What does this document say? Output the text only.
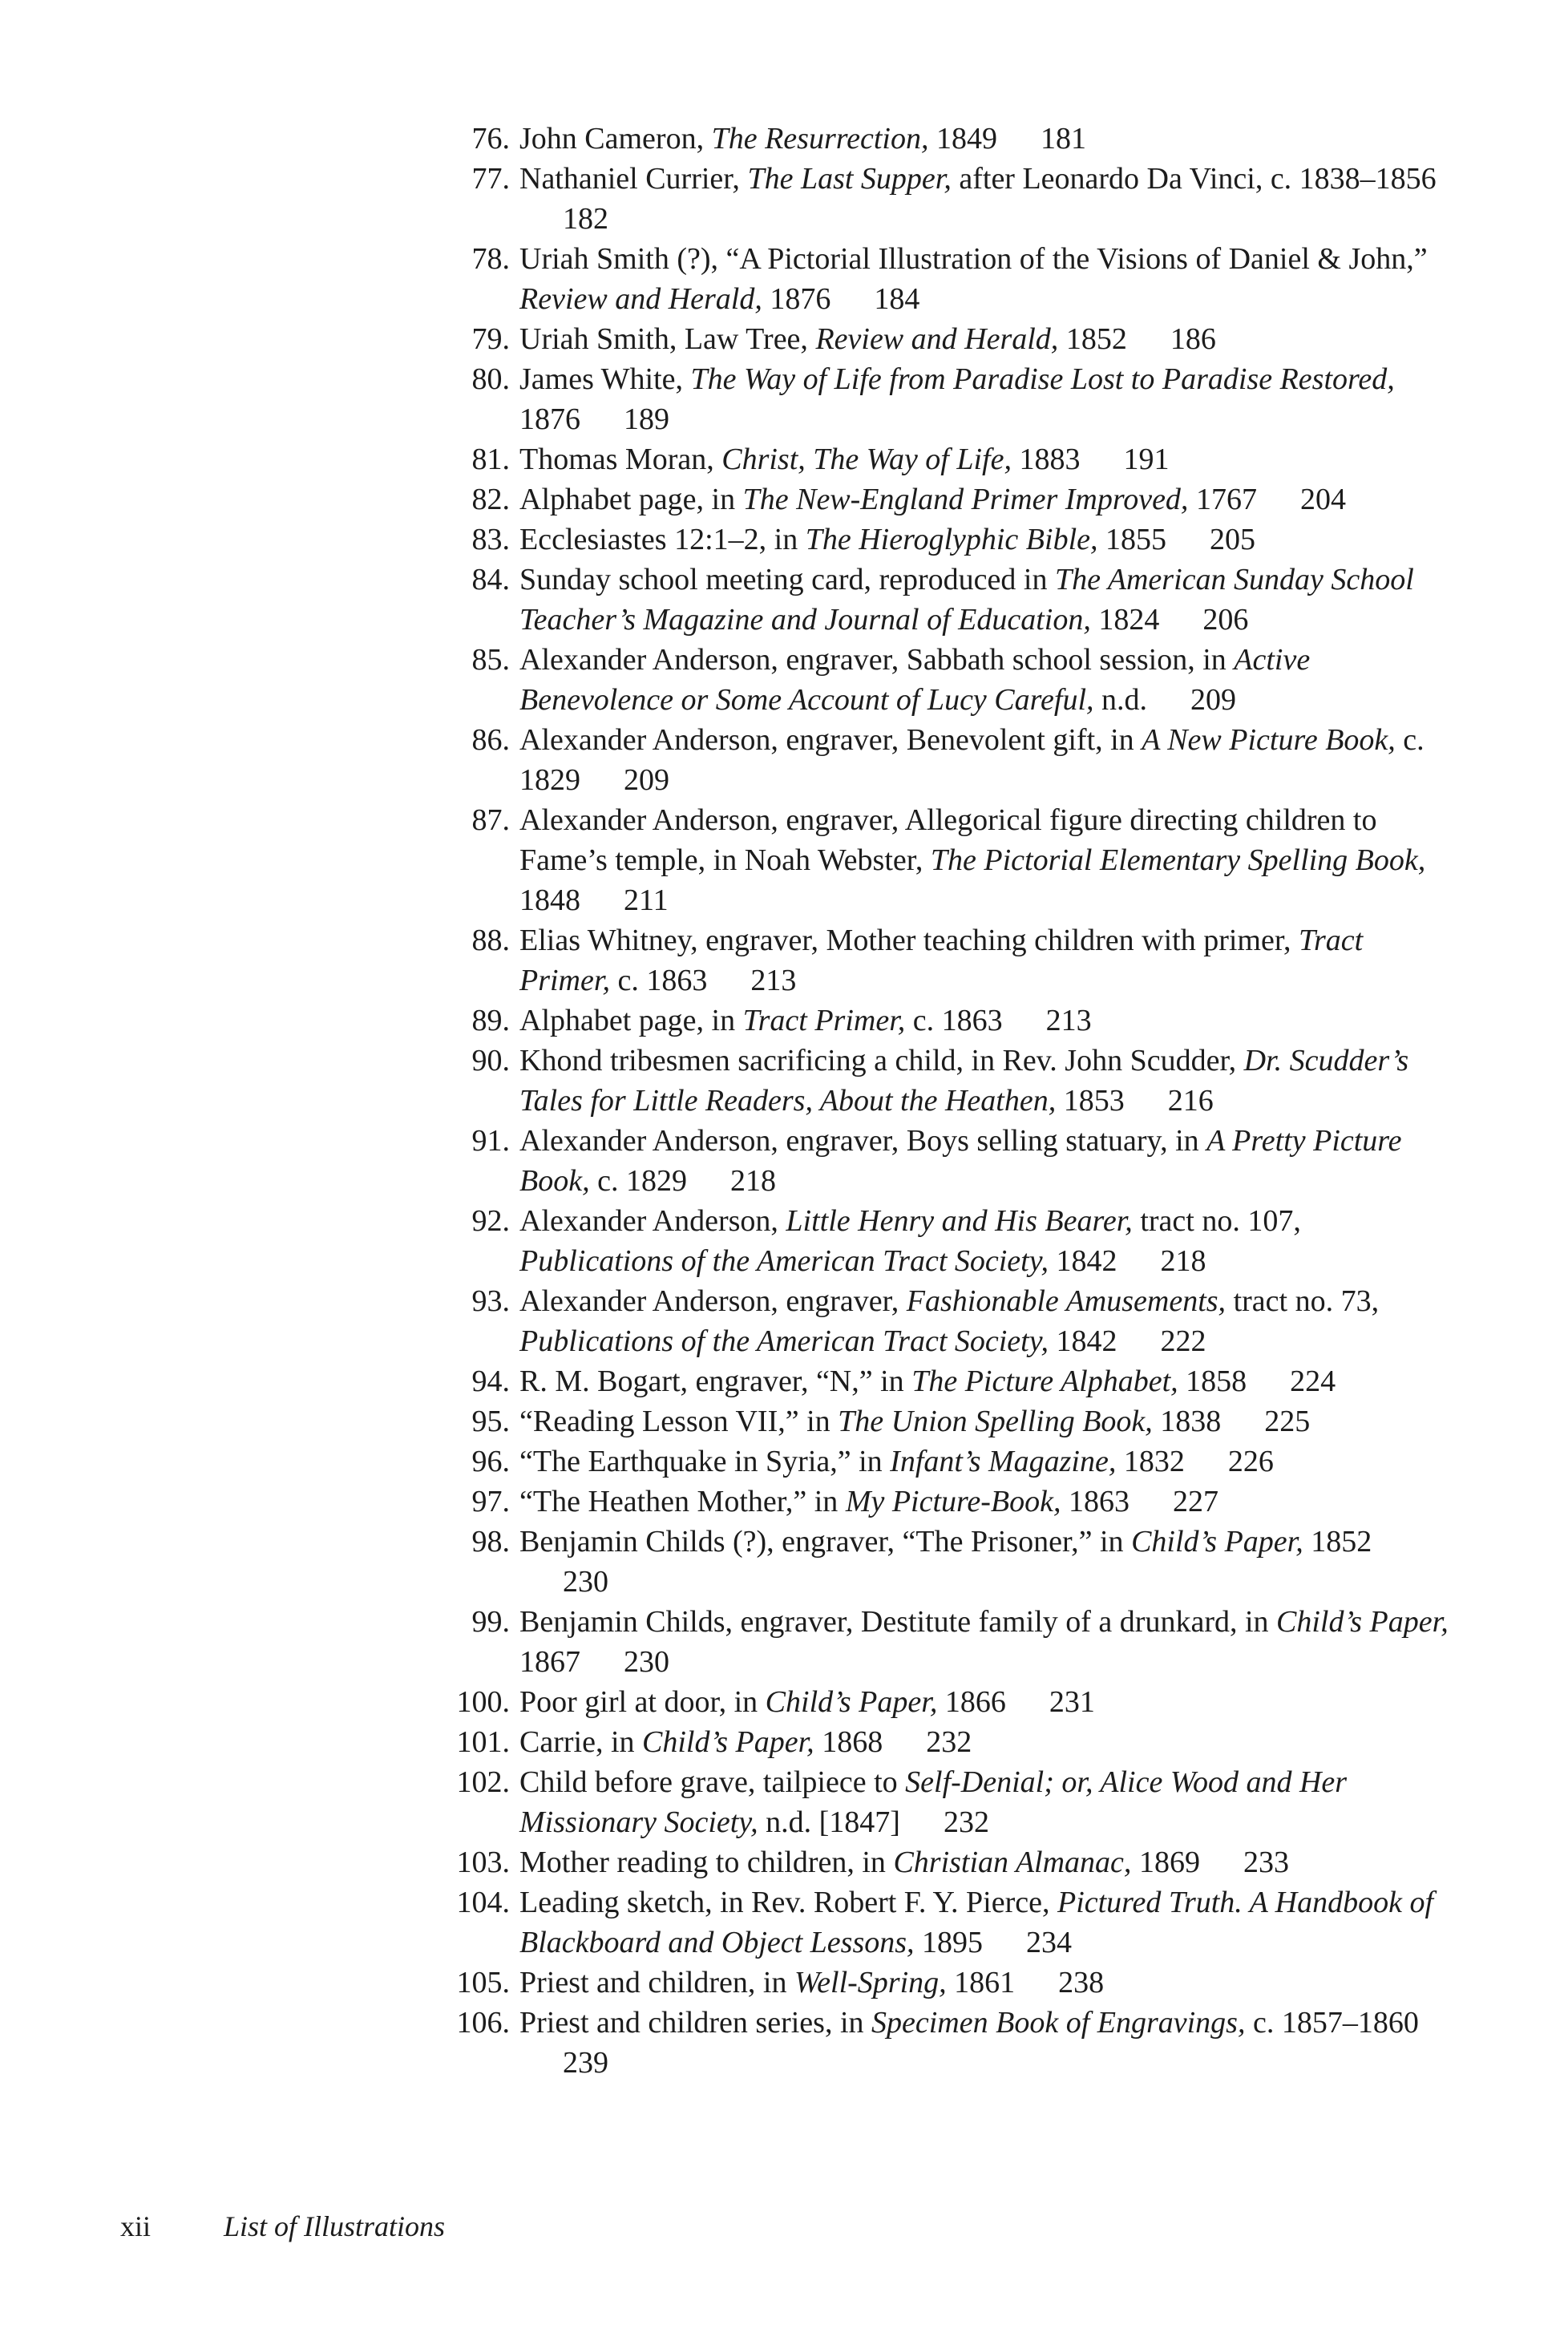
76. John Cameron, The Resurrection, 1849 181
77. Nathaniel Currier, The Last Supper, after Leonardo Da Vinci, c. 1838–1856182
78. Uriah Smith (?), “A Pictorial Illustration of the Visions of Daniel & John,” Review and Herald, 1876 184
79. Uriah Smith, Law Tree, Review and Herald, 1852 186
80. James White, The Way of Life from Paradise Lost to Paradise Restored, 1876 189
81. Thomas Moran, Christ, The Way of Life, 1883 191
82. Alphabet page, in The New-England Primer Improved, 1767 204
83. Ecclesiastes 12:1–2, in The Hieroglyphic Bible, 1855 205
84. Sunday school meeting card, reproduced in The American Sunday School Teacher’s Magazine and Journal of Education, 1824 206
85. Alexander Anderson, engraver, Sabbath school session, in Active Benevolence or Some Account of Lucy Careful, n.d. 209
86. Alexander Anderson, engraver, Benevolent gift, in A New Picture Book, c. 1829 209
87. Alexander Anderson, engraver, Allegorical figure directing children to Fame’s temple, in Noah Webster, The Pictorial Elementary Spelling Book, 1848 211
88. Elias Whitney, engraver, Mother teaching children with primer, Tract Primer, c. 1863 213
89. Alphabet page, in Tract Primer, c. 1863 213
90. Khond tribesmen sacrificing a child, in Rev. John Scudder, Dr. Scudder’s Tales for Little Readers, About the Heathen, 1853 216
91. Alexander Anderson, engraver, Boys selling statuary, in A Pretty Picture Book, c. 1829 218
92. Alexander Anderson, Little Henry and His Bearer, tract no. 107, Publications of the American Tract Society, 1842 218
93. Alexander Anderson, engraver, Fashionable Amusements, tract no. 73, Publications of the American Tract Society, 1842 222
94. R. M. Bogart, engraver, “N,” in The Picture Alphabet, 1858 224
95. “Reading Lesson VII,” in The Union Spelling Book, 1838 225
96. “The Earthquake in Syria,” in Infant’s Magazine, 1832 226
97. “The Heathen Mother,” in My Picture-Book, 1863 227
98. Benjamin Childs (?), engraver, “The Prisoner,” in Child’s Paper, 1852230
99. Benjamin Childs, engraver, Destitute family of a drunkard, in Child’s Paper, 1867 230
100. Poor girl at door, in Child’s Paper, 1866 231
101. Carrie, in Child’s Paper, 1868 232
102. Child before grave, tailpiece to Self-Denial; or, Alice Wood and Her Missionary Society, n.d. [1847] 232
103. Mother reading to children, in Christian Almanac, 1869 233
104. Leading sketch, in Rev. Robert F. Y. Pierce, Pictured Truth. A Handbook of Blackboard and Object Lessons, 1895 234
105. Priest and children, in Well-Spring, 1861 238
106. Priest and children series, in Specimen Book of Engravings, c. 1857–1860239
xii	List of Illustrations
